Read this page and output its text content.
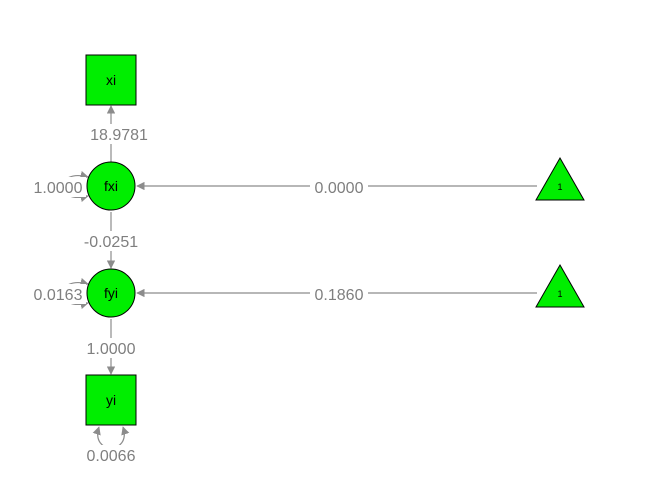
18.9781
-0.0251
1.0000
0.0000
0.1860
1.0000
0.0163
0.0066
xi
fxi
fyi
yi
1
1
